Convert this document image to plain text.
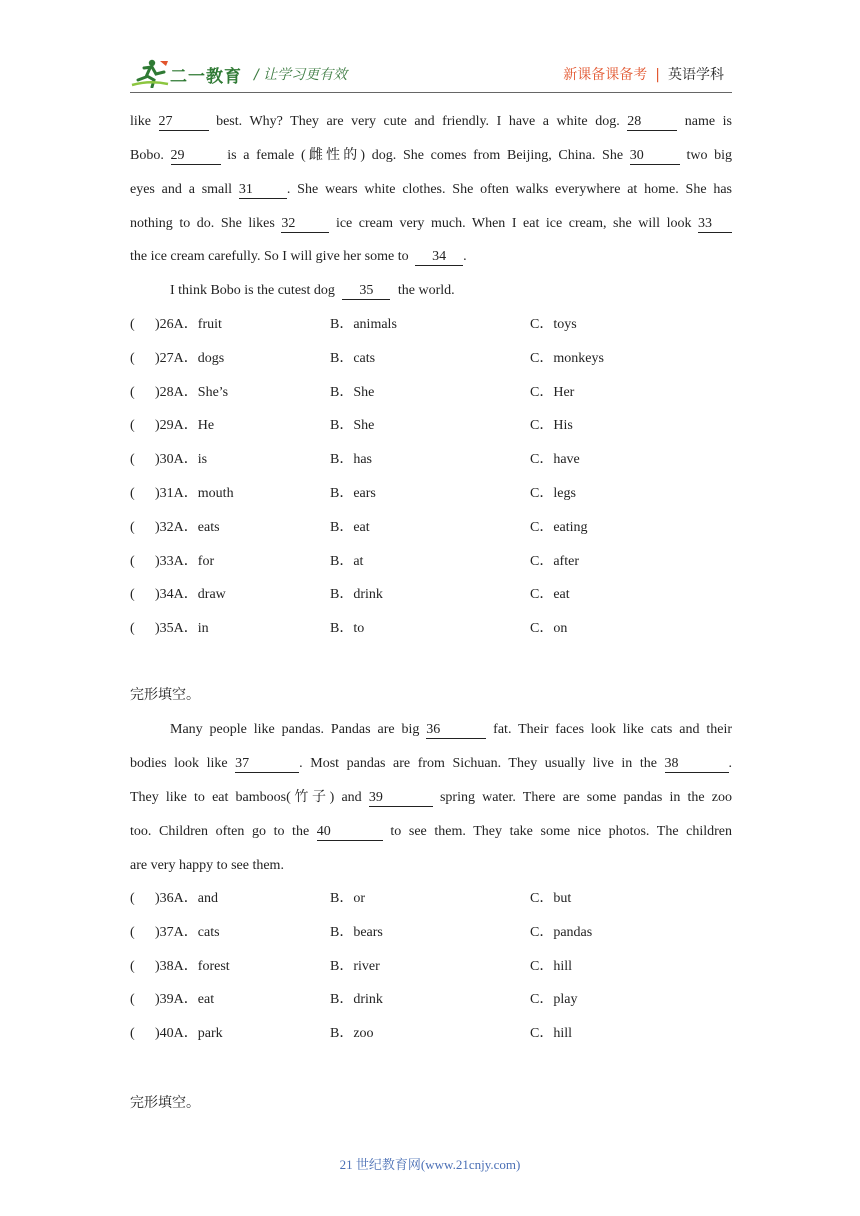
二一教育 / 让学习更有效	新课备课备考 | 英语学科
like 27	best. Why? They are very cute and friendly. I have a white dog. 28	name is
Bobo. 29	is a female (雌性的) dog. She comes from Beijing, China. She 30	two big
eyes and a small 31 . She wears white clothes. She often walks everywhere at home. She has
nothing to do. She likes 32	ice cream very much. When I eat ice cream, she will look 33
the ice cream carefully. So I will give her some to 34 .
I think Bobo is the cutest dog 35 the world.
( )26A．fruit	B．animals	C．toys
( )27A．dogs	B．cats	C．monkeys
( )28A．She’s	B．She	C．Her
( )29A．He	B．She	C．His
( )30A．is	B．has	C．have
( )31A．mouth	B．ears	C．legs
( )32A．eats	B．eat	C．eating
( )33A．for	B．at	C．after
( )34A．draw	B．drink	C．eat
( )35A．in	B．to	C．on
完形填空。
Many people like pandas. Pandas are big 36	fat. Their faces look like cats and their
bodies look like 37	. Most pandas are from Sichuan. They usually live in the 38	.
They like to eat bamboos(竹子) and 39	spring water. There are some pandas in the zoo
too. Children often go to the 40	to see them. They take some nice photos. The children
are very happy to see them.
( )36A．and	B．or	C．but
( )37A．cats	B．bears	C．pandas
( )38A．forest	B．river	C．hill
( )39A．eat	B．drink	C．play
( )40A．park	B．zoo	C．hill
完形填空。
21 世纪教育网(www.21cnjy.com)
